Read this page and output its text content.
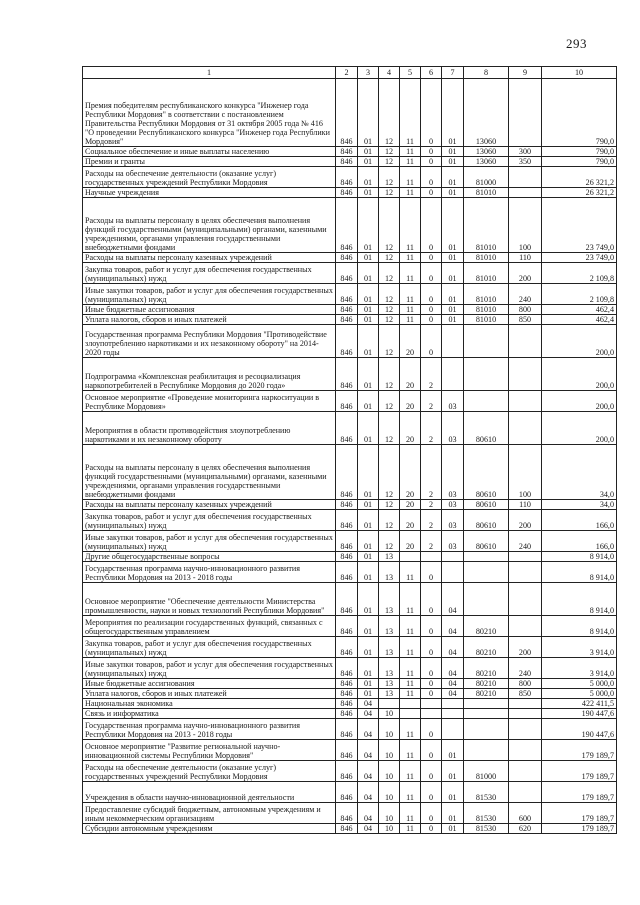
293
1	2	3	4	5	6	7	8	9	10
Премия победителям республиканского конкурса "Инженер года Республики Мордовия" в соответствии с постановлением Правительства Республики Мордовия от 31 октября 2005 года № 416 "О проведении Республиканского конкурса "Инженер года Республики Мордовия"	846	01	12	11	0	01	13060		790,0
Социальное обеспечение и иные выплаты населению	846	01	12	11	0	01	13060	300	790,0
Премии и гранты	846	01	12	11	0	01	13060	350	790,0
Расходы на обеспечение деятельности (оказание услуг) государственных учреждений Республики Мордовия	846	01	12	11	0	01	81000		26 321,2
Научные учреждения	846	01	12	11	0	01	81010		26 321,2
Расходы на выплаты персоналу в целях обеспечения выполнения функций государственными (муниципальными) органами, казенными учреждениями, органами управления государственными внебюджетными фондами	846	01	12	11	0	01	81010	100	23 749,0
Расходы на выплаты персоналу казенных учреждений	846	01	12	11	0	01	81010	110	23 749,0
Закупка товаров, работ и услуг для обеспечения государственных (муниципальных) нужд	846	01	12	11	0	01	81010	200	2 109,8
Иные закупки товаров, работ и услуг для обеспечения государственных (муниципальных) нужд	846	01	12	11	0	01	81010	240	2 109,8
Иные бюджетные ассигнования	846	01	12	11	0	01	81010	800	462,4
Уплата налогов, сборов и иных платежей	846	01	12	11	0	01	81010	850	462,4
Государственная программа Республики Мордовия "Противодействие злоупотреблению наркотиками и их незаконному обороту" на 2014-2020 годы	846	01	12	20	0				200,0
Подпрограмма «Комплексная реабилитация и ресоциализация наркопотребителей в Республике Мордовия до 2020 года»	846	01	12	20	2				200,0
Основное мероприятие «Проведение мониторинга наркоситуации в Республике Мордовия»	846	01	12	20	2	03			200,0
Мероприятия в области противодействия злоупотреблению наркотиками и их незаконному обороту	846	01	12	20	2	03	80610		200,0
Расходы на выплаты персоналу в целях обеспечения выполнения функций государственными (муниципальными) органами, казенными учреждениями, органами управления государственными внебюджетными фондами	846	01	12	20	2	03	80610	100	34,0
Расходы на выплаты персоналу казенных учреждений	846	01	12	20	2	03	80610	110	34,0
Закупка товаров, работ и услуг для обеспечения государственных (муниципальных) нужд	846	01	12	20	2	03	80610	200	166,0
Иные закупки товаров, работ и услуг для обеспечения государственных (муниципальных) нужд	846	01	12	20	2	03	80610	240	166,0
Другие общегосударственные вопросы	846	01	13						8 914,0
Государственная программа научно-инновационного развития Республики Мордовия на 2013 - 2018 годы	846	01	13	11	0				8 914,0
Основное мероприятие "Обеспечение деятельности Министерства промышленности, науки и новых технологий Республики Мордовия"	846	01	13	11	0	04			8 914,0
Мероприятия по реализации государственных функций, связанных с общегосударственным управлением	846	01	13	11	0	04	80210		8 914,0
Закупка товаров, работ и услуг для обеспечения государственных (муниципальных) нужд	846	01	13	11	0	04	80210	200	3 914,0
Иные закупки товаров, работ и услуг для обеспечения государственных (муниципальных) нужд	846	01	13	11	0	04	80210	240	3 914,0
Иные бюджетные ассигнования	846	01	13	11	0	04	80210	800	5 000,0
Уплата налогов, сборов и иных платежей	846	01	13	11	0	04	80210	850	5 000,0
Национальная экономика	846	04							422 411,5
Связь и информатика	846	04	10						190 447,6
Государственная программа научно-инновационного развития Республики Мордовия на 2013 - 2018 годы	846	04	10	11	0				190 447,6
Основное мероприятие "Развитие региональной научно-инновационной системы Республики Мордовия"	846	04	10	11	0	01			179 189,7
Расходы на обеспечение деятельности (оказание услуг) государственных учреждений Республики Мордовия	846	04	10	11	0	01	81000		179 189,7
Учреждения в области научно-инновационной деятельности	846	04	10	11	0	01	81530		179 189,7
Предоставление субсидий бюджетным, автономным учреждениям и иным некоммерческим организациям	846	04	10	11	0	01	81530	600	179 189,7
Субсидии автономным учреждениям	846	04	10	11	0	01	81530	620	179 189,7
